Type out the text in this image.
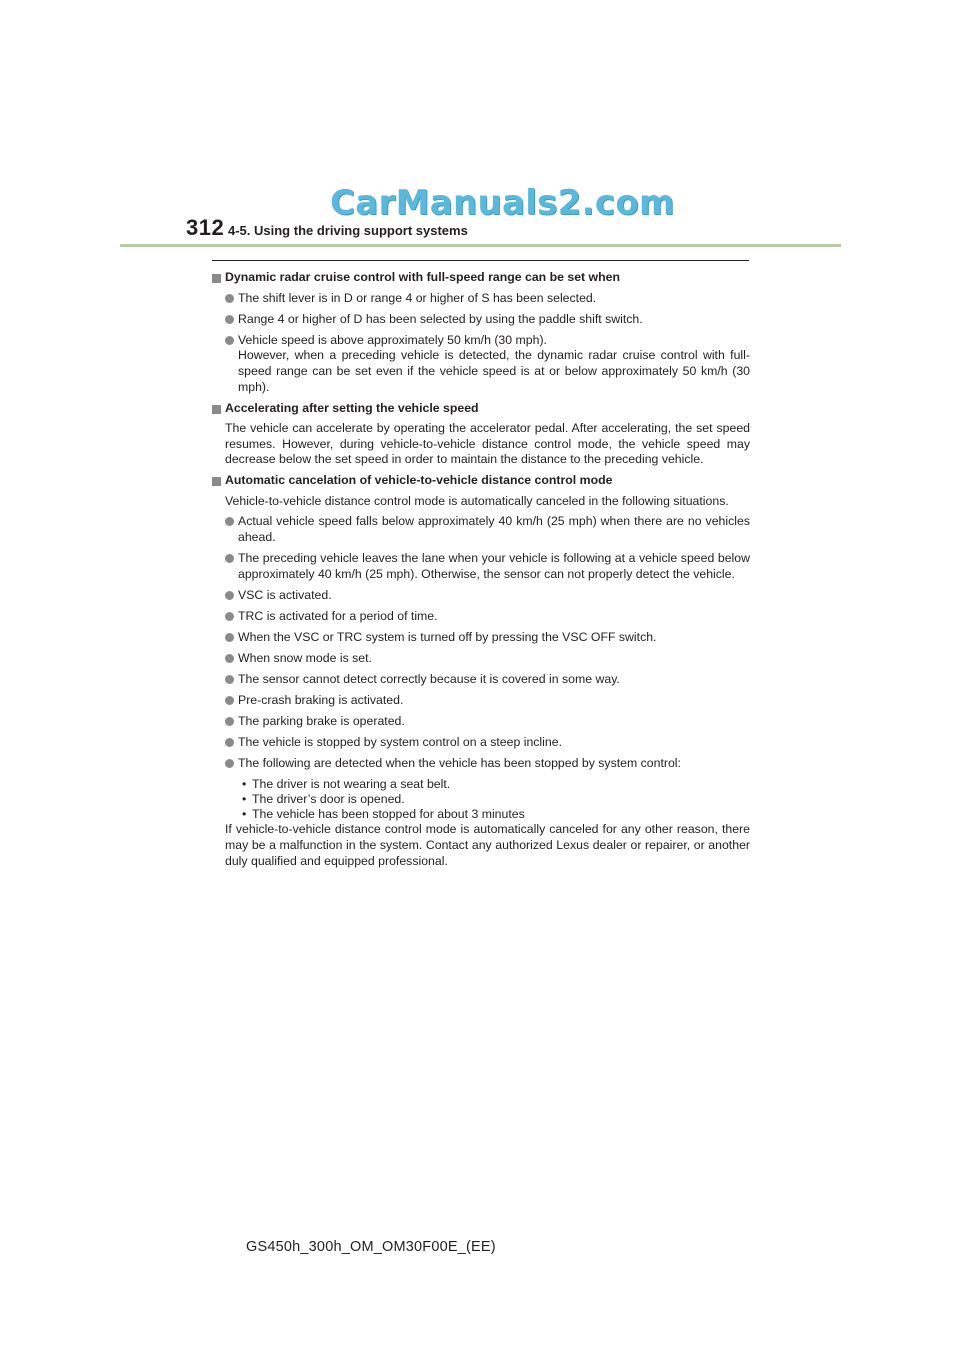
CarManuals2.com
312 4-5. Using the driving support systems
Dynamic radar cruise control with full-speed range can be set when
The shift lever is in D or range 4 or higher of S has been selected.
Range 4 or higher of D has been selected by using the paddle shift switch.
Vehicle speed is above approximately 50 km/h (30 mph).
However, when a preceding vehicle is detected, the dynamic radar cruise control with full-speed range can be set even if the vehicle speed is at or below approximately 50 km/h (30 mph).
Accelerating after setting the vehicle speed
The vehicle can accelerate by operating the accelerator pedal. After accelerating, the set speed resumes. However, during vehicle-to-vehicle distance control mode, the vehicle speed may decrease below the set speed in order to maintain the distance to the preceding vehicle.
Automatic cancelation of vehicle-to-vehicle distance control mode
Vehicle-to-vehicle distance control mode is automatically canceled in the following situations.
Actual vehicle speed falls below approximately 40 km/h (25 mph) when there are no vehicles ahead.
The preceding vehicle leaves the lane when your vehicle is following at a vehicle speed below approximately 40 km/h (25 mph). Otherwise, the sensor can not properly detect the vehicle.
VSC is activated.
TRC is activated for a period of time.
When the VSC or TRC system is turned off by pressing the VSC OFF switch.
When snow mode is set.
The sensor cannot detect correctly because it is covered in some way.
Pre-crash braking is activated.
The parking brake is operated.
The vehicle is stopped by system control on a steep incline.
The following are detected when the vehicle has been stopped by system control:
• The driver is not wearing a seat belt.
• The driver’s door is opened.
• The vehicle has been stopped for about 3 minutes
If vehicle-to-vehicle distance control mode is automatically canceled for any other reason, there may be a malfunction in the system. Contact any authorized Lexus dealer or repairer, or another duly qualified and equipped professional.
GS450h_300h_OM_OM30F00E_(EE)
